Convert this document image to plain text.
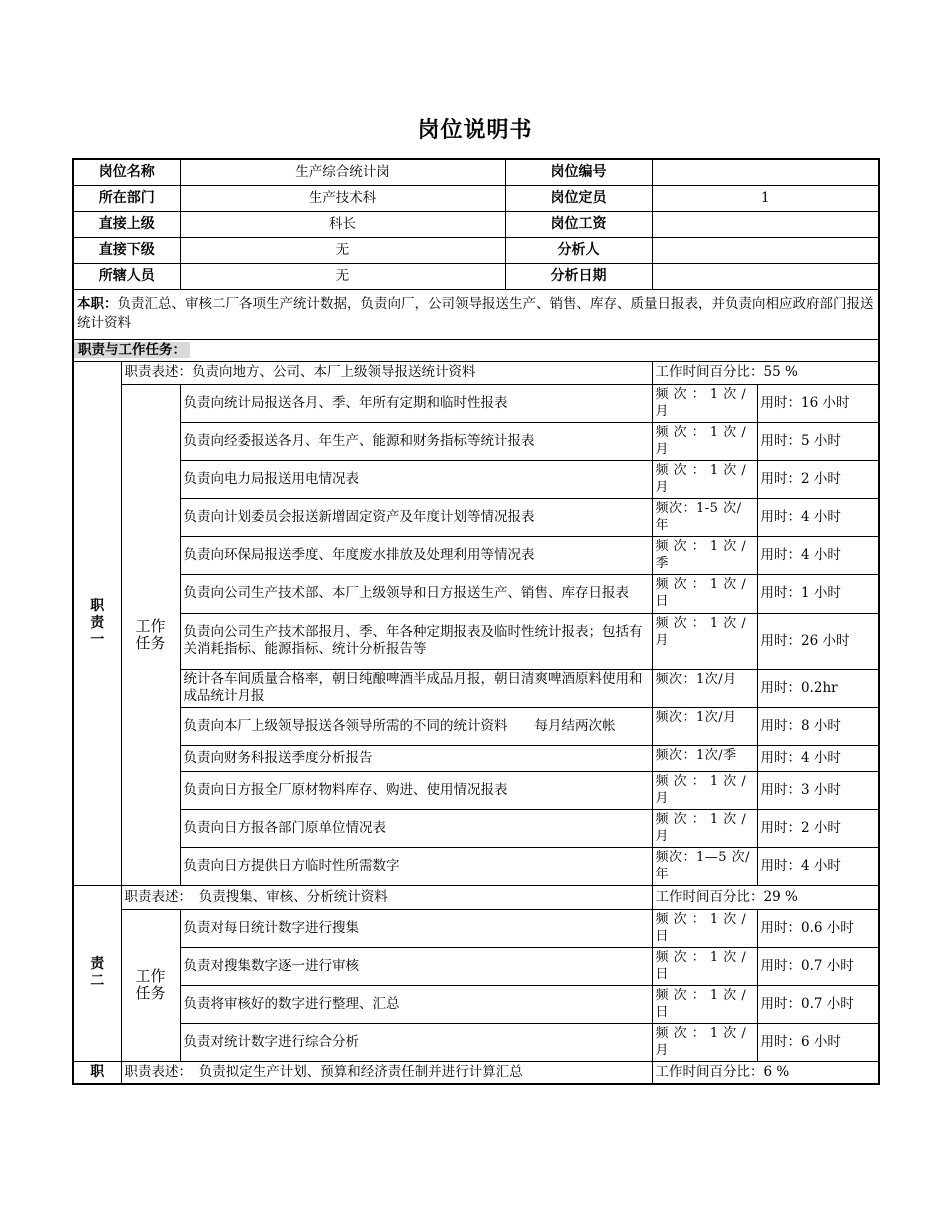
岗位说明书
岗位名称		生产综合统计岗	岗位编号		
所在部门		生产技术科	岗位定员	1	
直接上级		科长	岗位工资		
直接下级		无	分析人		
所辖人员		无	分析日期		
本职：负责汇总、审核二厂各项生产统计数据，负责向厂，公司领导报送生产、销售、库存、质量日报表，并负责向相应政府部门报送统计资料					
职责与工作任务：					

职
责
一	职责表述：负责向地方、公司、本厂上级领导报送统计资料			工作时间百分比：55 %	

	工作
任务	负责向统计局报送各月、季、年所有定期和临时性报表		频 次 ： 1 次 / 月	用时：16 小时
		负责向经委报送各月、年生产、能源和财务指标等统计报表		频 次 ： 1 次 / 月	用时：5 小时
		负责向电力局报送用电情况表		频 次 ： 1 次 / 月	用时：2 小时
		负责向计划委员会报送新增固定资产及年度计划等情况报表		频次：1-5 次/年	用时：4 小时
		负责向环保局报送季度、年度废水排放及处理利用等情况表		频 次 ： 1 次 / 季	用时：4 小时
		负责向公司生产技术部、本厂上级领导和日方报送生产、销售、库存日报表		频 次 ： 1 次 / 日	用时：1 小时
		负责向公司生产技术部报月、季、年各种定期报表及临时性统计报表；包括有关消耗指标、能源指标、统计分析报告等		频 次 ： 1 次 / 月	用时：26 小时
		统计各车间质量合格率，朝日纯酿啤酒半成品月报，朝日清爽啤酒原料使用和成品统计月报		频次：1次/月	用时：0.2hr
		负责向本厂上级领导报送各领导所需的不同的统计资料　　每月结两次帐		频次：1次/月	用时：8 小时
		负责向财务科报送季度分析报告		频次：1次/季	用时：4 小时
		负责向日方报全厂原材物料库存、购进、使用情况报表		频 次 ： 1 次 / 月	用时：3 小时
		负责向日方报各部门原单位情况表		频 次 ： 1 次 / 月	用时：2 小时
		负责向日方提供日方临时性所需数字		频次：1—5 次/年	用时：4 小时

责
二	职责表述：　负责搜集、审核、分析统计资料			工作时间百分比：29 %	

	工作
任务	负责对每日统计数字进行搜集		频 次 ： 1 次 / 日	用时：0.6 小时
		负责对搜集数字逐一进行审核		频 次 ： 1 次 / 日	用时：0.7 小时
		负责将审核好的数字进行整理、汇总		频 次 ： 1 次 / 日	用时：0.7 小时
		负责对统计数字进行综合分析		频 次 ： 1 次 / 月	用时：6 小时
职	职责表述：　负责拟定生产计划、预算和经济责任制并进行计算汇总			工作时间百分比：6 %	
